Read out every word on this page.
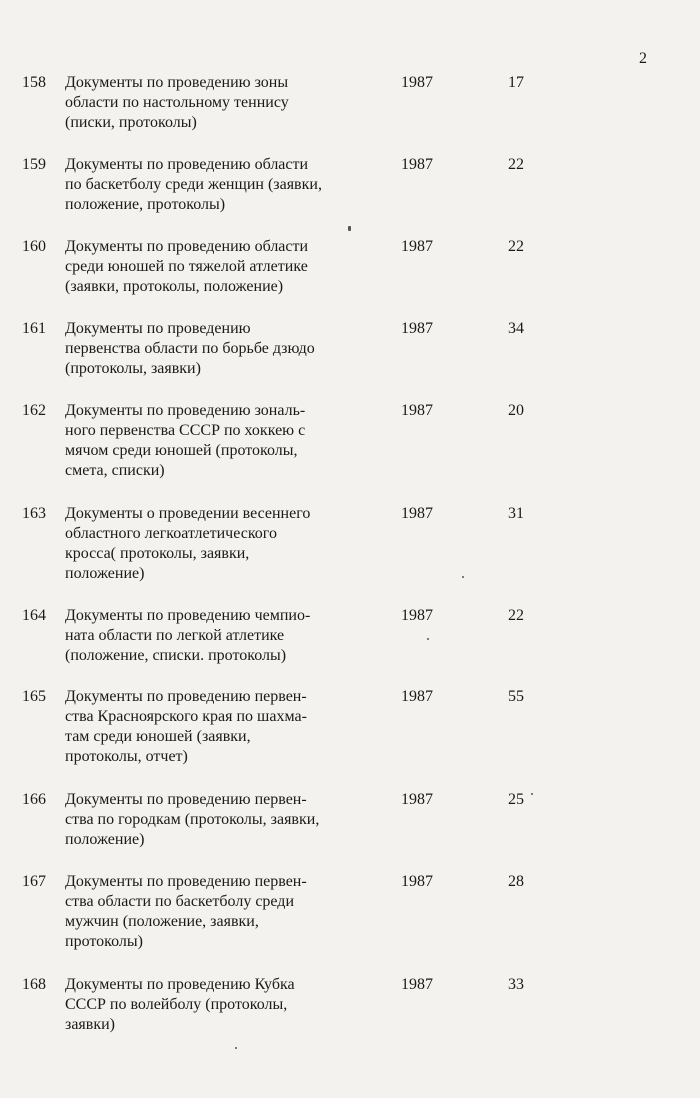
2
158 Документы по проведению зоны
области по настольному теннису
(писки, протоколы)
1987	17
159 Документы по проведению области
по баскетболу среди женщин (заявки,
положение, протоколы)
1987	22
160 Документы по проведению области
среди юношей по тяжелой атлетике
(заявки, протоколы, положение)
1987	22
161 Документы по проведению
первенства области по борьбе дзюдо
(протоколы, заявки)
1987	34
162 Документы по проведению зональ-
ного первенства СССР по хоккею с
мячом среди юношей (протоколы,
смета, списки)
1987	20
163 Документы о проведении весеннего
областного легкоатлетического
кросса( протоколы, заявки,
положение)
1987	31
164 Документы по проведению чемпио-
ната области по легкой атлетике
(положение, списки. протоколы)
1987	22
165 Документы по проведению первен-
ства Красноярского края по шахма-
там среди юношей (заявки,
протоколы, отчет)
1987	55
166 Документы по проведению первен-
ства по городкам (протоколы, заявки,
положение)
1987	25
167 Документы по проведению первен-
ства области по баскетболу среди
мужчин (положение, заявки,
протоколы)
1987	28
168 Документы по проведению Кубка
СССР по волейболу (протоколы,
заявки)
1987	33
